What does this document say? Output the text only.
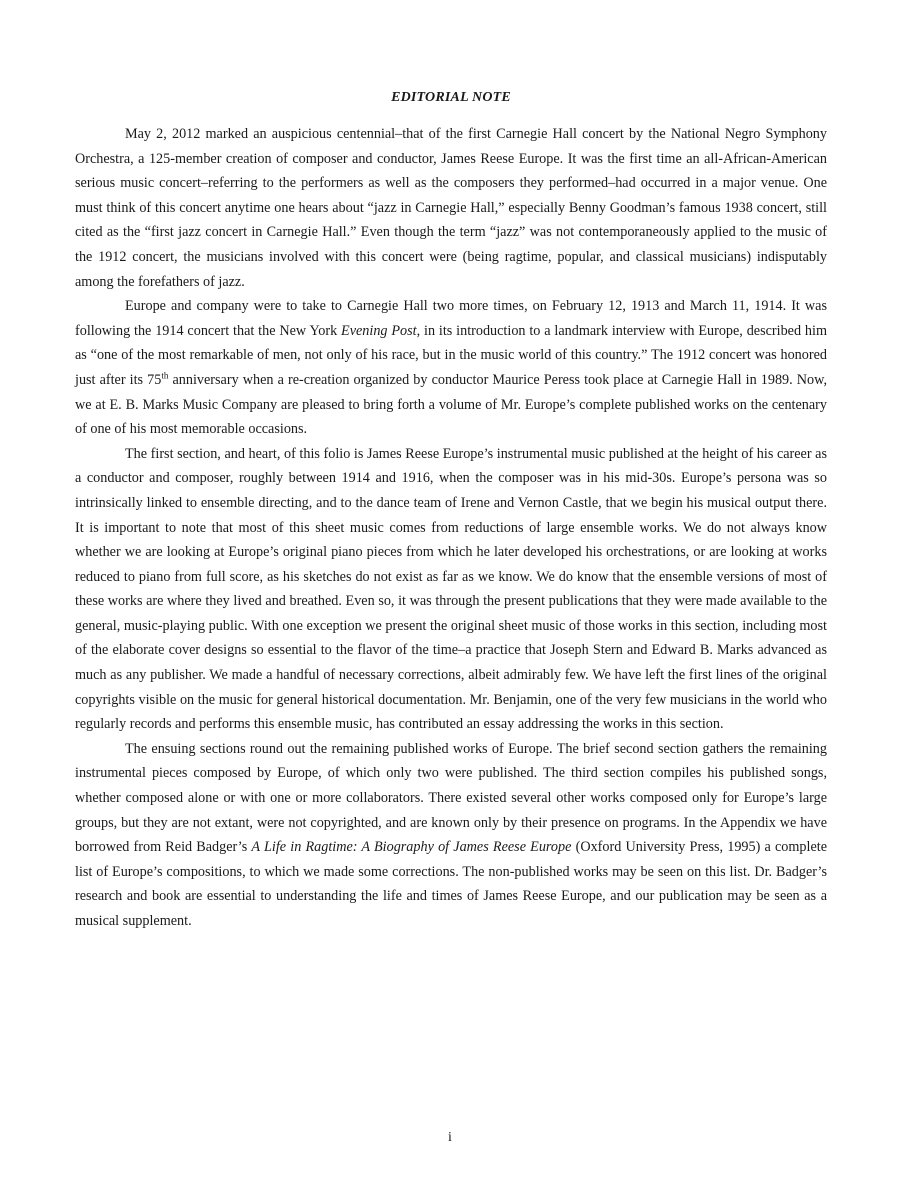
EDITORIAL NOTE

May 2, 2012 marked an auspicious centennial–that of the first Carnegie Hall concert by the National Negro Symphony Orchestra, a 125-member creation of composer and conductor, James Reese Europe. It was the first time an all-African-American serious music concert–referring to the performers as well as the composers they performed–had occurred in a major venue. One must think of this concert anytime one hears about “jazz in Carnegie Hall,” especially Benny Goodman’s famous 1938 concert, still cited as the “first jazz concert in Carnegie Hall.” Even though the term “jazz” was not contemporaneously applied to the music of the 1912 concert, the musicians involved with this concert were (being ragtime, popular, and classical musicians) indisputably among the forefathers of jazz.

Europe and company were to take to Carnegie Hall two more times, on February 12, 1913 and March 11, 1914. It was following the 1914 concert that the New York Evening Post, in its introduction to a landmark interview with Europe, described him as “one of the most remarkable of men, not only of his race, but in the music world of this country.” The 1912 concert was honored just after its 75th anniversary when a re-creation organized by conductor Maurice Peress took place at Carnegie Hall in 1989. Now, we at E. B. Marks Music Company are pleased to bring forth a volume of Mr. Europe’s complete published works on the centenary of one of his most memorable occasions.

The first section, and heart, of this folio is James Reese Europe’s instrumental music published at the height of his career as a conductor and composer, roughly between 1914 and 1916, when the composer was in his mid-30s. Europe’s persona was so intrinsically linked to ensemble directing, and to the dance team of Irene and Vernon Castle, that we begin his musical output there. It is important to note that most of this sheet music comes from reductions of large ensemble works. We do not always know whether we are looking at Europe’s original piano pieces from which he later developed his orchestrations, or are looking at works reduced to piano from full score, as his sketches do not exist as far as we know. We do know that the ensemble versions of most of these works are where they lived and breathed. Even so, it was through the present publications that they were made available to the general, music-playing public. With one exception we present the original sheet music of those works in this section, including most of the elaborate cover designs so essential to the flavor of the time–a practice that Joseph Stern and Edward B. Marks advanced as much as any publisher. We made a handful of necessary corrections, albeit admirably few. We have left the first lines of the original copyrights visible on the music for general historical documentation. Mr. Benjamin, one of the very few musicians in the world who regularly records and performs this ensemble music, has contributed an essay addressing the works in this section.

The ensuing sections round out the remaining published works of Europe. The brief second section gathers the remaining instrumental pieces composed by Europe, of which only two were published. The third section compiles his published songs, whether composed alone or with one or more collaborators. There existed several other works composed only for Europe’s large groups, but they are not extant, were not copyrighted, and are known only by their presence on programs. In the Appendix we have borrowed from Reid Badger’s A Life in Ragtime: A Biography of James Reese Europe (Oxford University Press, 1995) a complete list of Europe’s compositions, to which we made some corrections. The non-published works may be seen on this list. Dr. Badger’s research and book are essential to understanding the life and times of James Reese Europe, and our publication may be seen as a musical supplement.

i
